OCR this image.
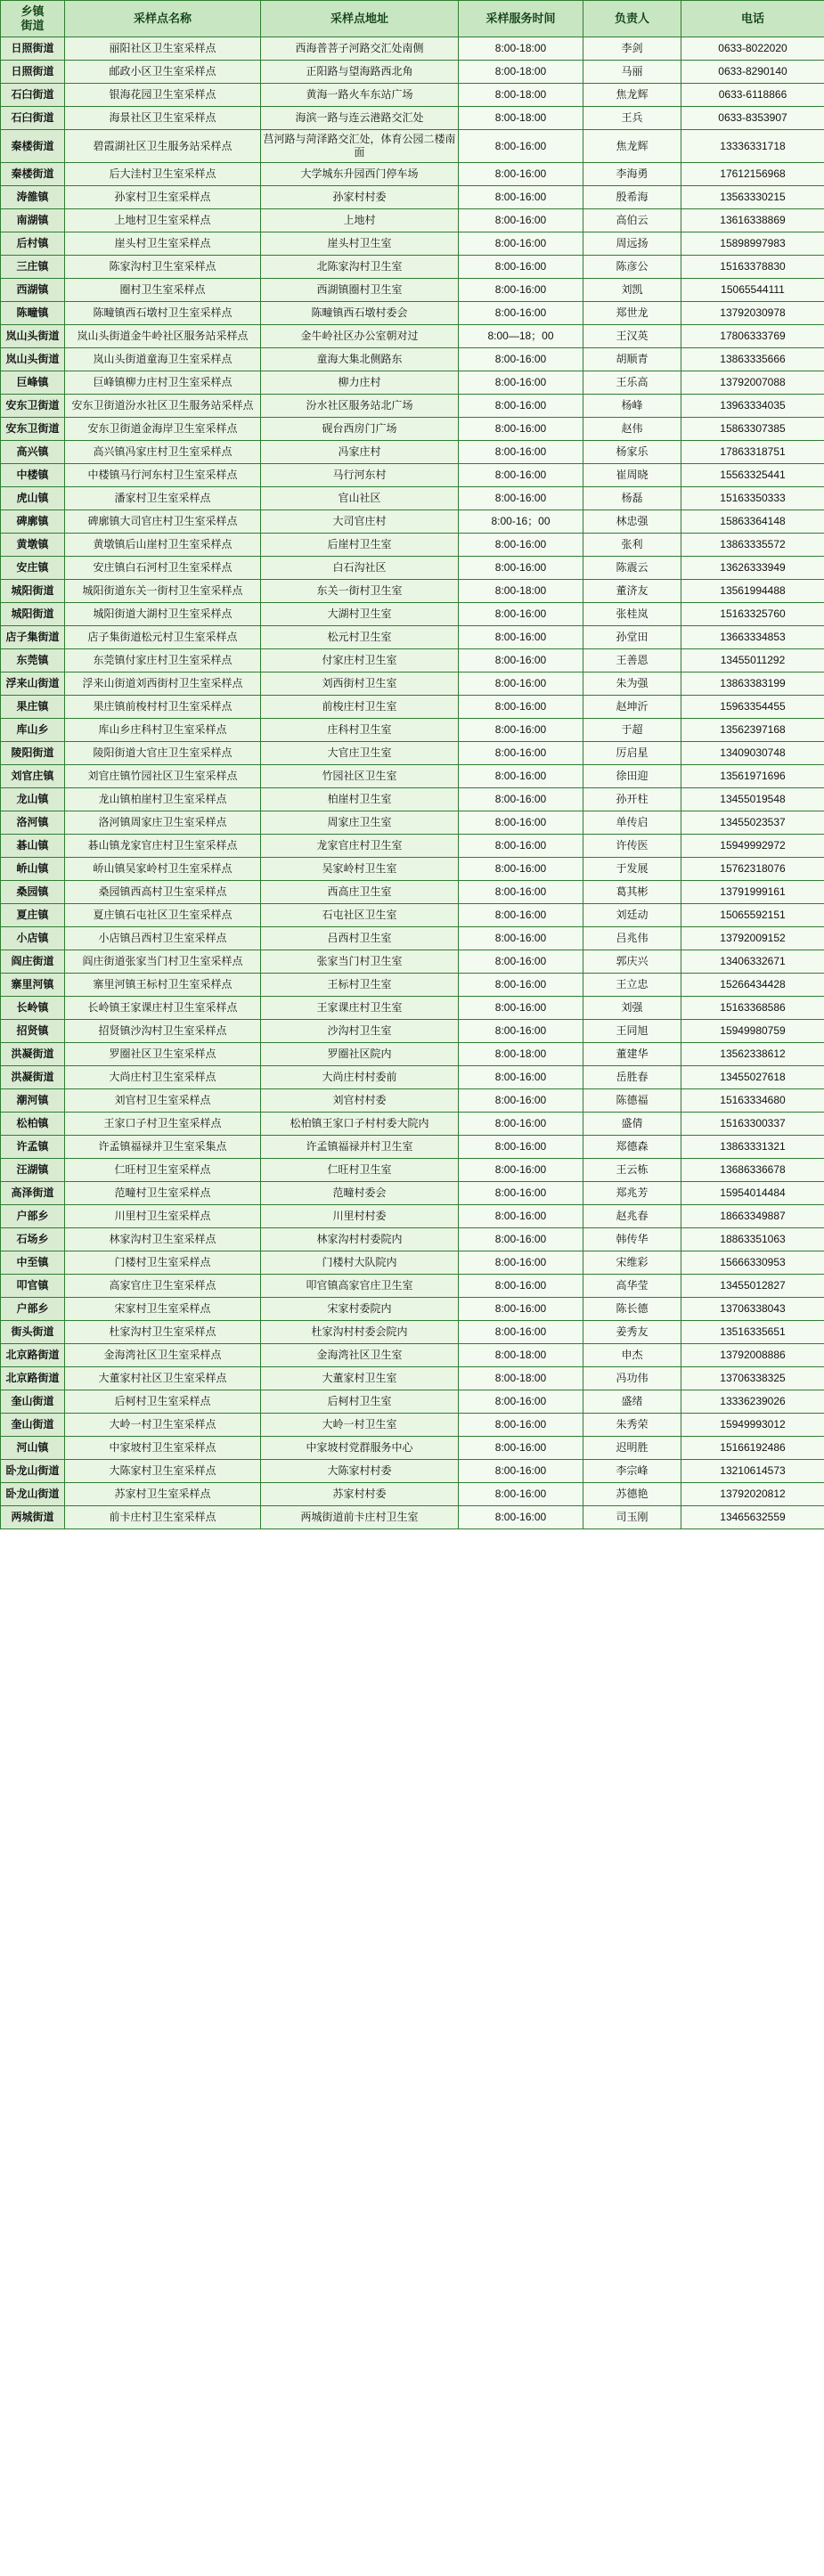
乡镇
街道	采样点名称	采样点地址	采样服务时间	负责人	电话
日照街道	丽阳社区卫生室采样点	西海普菩子河路交汇处南侧	8:00-18:00	李剑	0633-8022020
日照街道	邮政小区卫生室采样点	正阳路与望海路西北角	8:00-18:00	马丽	0633-8290140
石臼街道	银海花园卫生室采样点	黄海一路火车东站广场	8:00-18:00	焦龙辉	0633-6118866
石臼街道	海景社区卫生室采样点	海滨一路与连云港路交汇处	8:00-18:00	王兵	0633-8353907
秦楼街道	碧霞湖社区卫生服务站采样点	莒河路与菏泽路交汇处，体育公园二楼南面	8:00-16:00	焦龙辉	13336331718
秦楼街道	后大洼村卫生室采样点	大学城东升园西门停车场	8:00-16:00	李海勇	17612156968
涛雒镇	孙家村卫生室采样点	孙家村村委	8:00-16:00	殷希海	13563330215
南湖镇	上地村卫生室采样点	上地村	8:00-16:00	高伯云	13616338869
后村镇	崖头村卫生室采样点	崖头村卫生室	8:00-16:00	周远扬	15898997983
三庄镇	陈家沟村卫生室采样点	北陈家沟村卫生室	8:00-16:00	陈彦公	15163378830
西湖镇	圈村卫生室采样点	西湖镇圈村卫生室	8:00-16:00	刘凯	15065544111
陈疃镇	陈疃镇西石墩村卫生室采样点	陈疃镇西石墩村委会	8:00-16:00	郑世龙	13792030978
岚山头街道	岚山头街道金牛岭社区服务站采样点	金牛岭社区办公室朝对过	8:00—18；00	王汉英	17806333769
岚山头街道	岚山头街道童海卫生室采样点	童海大集北侧路东	8:00-16:00	胡顺青	13863335666
巨峰镇	巨峰镇柳力庄村卫生室采样点	柳力庄村	8:00-16:00	王乐高	13792007088
安东卫街道	安东卫街道汾水社区卫生服务站采样点	汾水社区服务站北广场	8:00-16:00	杨峰	13963334035
安东卫街道	安东卫街道金海岸卫生室采样点	砚台西房门广场	8:00-16:00	赵伟	15863307385
高兴镇	高兴镇冯家庄村卫生室采样点	冯家庄村	8:00-16:00	杨家乐	17863318751
中楼镇	中楼镇马行河东村卫生室采样点	马行河东村	8:00-16:00	崔周晓	15563325441
虎山镇	潘家村卫生室采样点	官山社区	8:00-16:00	杨磊	15163350333
碑廓镇	碑廓镇大司官庄村卫生室采样点	大司官庄村	8:00-16；00	林忠强	15863364148
黄墩镇	黄墩镇后山崖村卫生室采样点	后崖村卫生室	8:00-16:00	张利	13863335572
安庄镇	安庄镇白石河村卫生室采样点	白石沟社区	8:00-16:00	陈震云	13626333949
城阳街道	城阳街道东关一街村卫生室采样点	东关一街村卫生室	8:00-18:00	董济友	13561994488
城阳街道	城阳街道大湖村卫生室采样点	大湖村卫生室	8:00-16:00	张桂岚	15163325760
店子集街道	店子集街道松元村卫生室采样点	松元村卫生室	8:00-16:00	孙堂田	13663334853
东莞镇	东莞镇付家庄村卫生室采样点	付家庄村卫生室	8:00-16:00	王善恩	13455011292
浮来山街道	浮来山街道刘西街村卫生室采样点	刘西街村卫生室	8:00-16:00	朱为强	13863383199
果庄镇	果庄镇前梭村村卫生室采样点	前梭庄村卫生室	8:00-16:00	赵坤沂	15963354455
库山乡	库山乡庄科村卫生室采样点	庄科村卫生室	8:00-16:00	于超	13562397168
陵阳街道	陵阳街道大官庄卫生室采样点	大官庄卫生室	8:00-16:00	厉启星	13409030748
刘官庄镇	刘官庄镇竹园社区卫生室采样点	竹园社区卫生室	8:00-16:00	徐田迎	13561971696
龙山镇	龙山镇柏崖村卫生室采样点	柏崖村卫生室	8:00-16:00	孙开柱	13455019548
洛河镇	洛河镇周家庄卫生室采样点	周家庄卫生室	8:00-16:00	单传启	13455023537
碁山镇	碁山镇龙家官庄村卫生室采样点	龙家官庄村卫生室	8:00-16:00	许传医	15949992972
峤山镇	峤山镇吴家岭村卫生室采样点	吴家岭村卫生室	8:00-16:00	于发展	15762318076
桑园镇	桑园镇西高村卫生室采样点	西高庄卫生室	8:00-16:00	葛其彬	13791999161
夏庄镇	夏庄镇石屯社区卫生室采样点	石屯社区卫生室	8:00-16:00	刘廷动	15065592151
小店镇	小店镇吕西村卫生室采样点	吕西村卫生室	8:00-16:00	吕兆伟	13792009152
阎庄街道	阎庄街道张家当门村卫生室采样点	张家当门村卫生室	8:00-16:00	郭庆兴	13406332671
寨里河镇	寨里河镇王标村卫生室采样点	王标村卫生室	8:00-16:00	王立忠	15266434428
长岭镇	长岭镇王家课庄村卫生室采样点	王家课庄村卫生室	8:00-16:00	刘强	15163368586
招贤镇	招贤镇沙沟村卫生室采样点	沙沟村卫生室	8:00-16:00	王同旭	15949980759
洪凝街道	罗圈社区卫生室采样点	罗圈社区院内	8:00-18:00	董建华	13562338612
洪凝街道	大尚庄村卫生室采样点	大尚庄村村委前	8:00-16:00	岳胜春	13455027618
潮河镇	刘官村卫生室采样点	刘官村村委	8:00-16:00	陈德福	15163334680
松柏镇	王家口子村卫生室采样点	松柏镇王家口子村村委大院内	8:00-16:00	盛倩	15163300337
许孟镇	许孟镇福禄并卫生室采集点	许孟镇福禄并村卫生室	8:00-16:00	郑德森	13863331321
汪湖镇	仁旺村卫生室采样点	仁旺村卫生室	8:00-16:00	王云栋	13686336678
高泽街道	范疃村卫生室采样点	范疃村委会	8:00-16:00	郑兆芳	15954014484
户部乡	川里村卫生室采样点	川里村村委	8:00-16:00	赵兆春	18663349887
石场乡	林家沟村卫生室采样点	林家沟村村委院内	8:00-16:00	韩传华	18863351063
中至镇	门楼村卫生室采样点	门楼村大队院内	8:00-16:00	宋维彩	15666330953
叩官镇	高家官庄卫生室采样点	叩官镇高家官庄卫生室	8:00-16:00	高华莹	13455012827
户部乡	宋家村卫生室采样点	宋家村委院内	8:00-16:00	陈长德	13706338043
街头街道	杜家沟村卫生室采样点	杜家沟村村委会院内	8:00-16:00	姜秀友	13516335651
北京路街道	金海湾社区卫生室采样点	金海湾社区卫生室	8:00-18:00	申杰	13792008886
北京路街道	大董家村社区卫生室采样点	大董家村卫生室	8:00-18:00	冯功伟	13706338325
奎山街道	后柯村卫生室采样点	后柯村卫生室	8:00-16:00	盛绪	13336239026
奎山街道	大岭一村卫生室采样点	大岭一村卫生室	8:00-16:00	朱秀荣	15949993012
河山镇	中家坡村卫生室采样点	中家坡村党群服务中心	8:00-16:00	迟明胜	15166192486
卧龙山街道	大陈家村卫生室采样点	大陈家村村委	8:00-16:00	李宗峰	13210614573
卧龙山街道	苏家村卫生室采样点	苏家村村委	8:00-16:00	苏德艳	13792020812
两城街道	前卡庄村卫生室采样点	两城街道前卡庄村卫生室	8:00-16:00	司玉刚	13465632559
